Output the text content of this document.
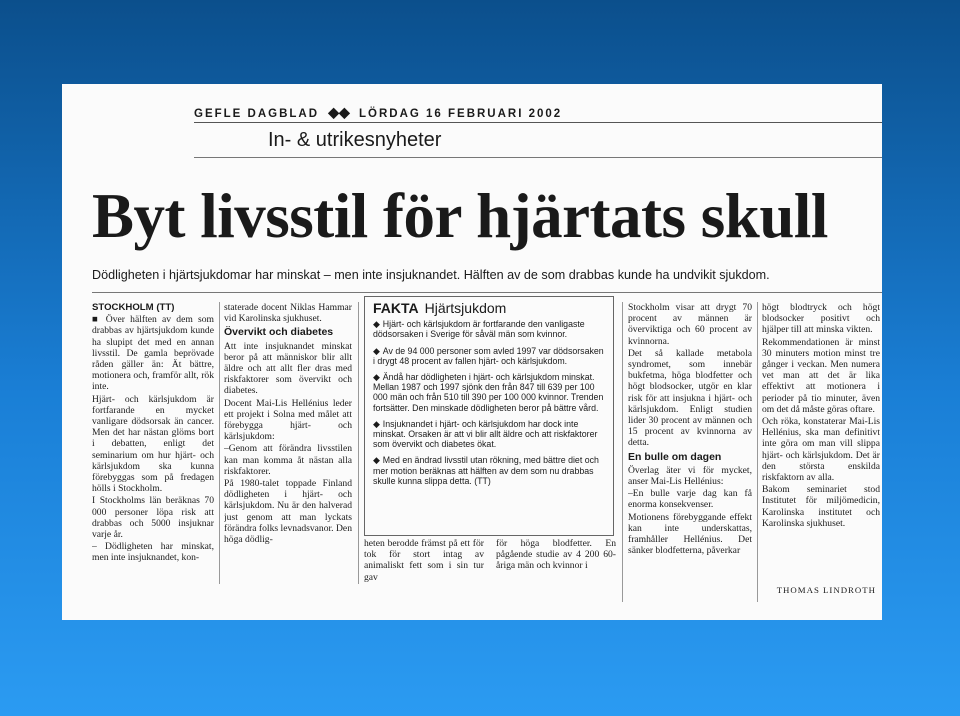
GEFLE DAGBLAD ◆◆ LÖRDAG 16 FEBRUARI 2002
In- & utrikesnyheter
Byt livsstil för hjärtats skull
Dödligheten i hjärtsjukdomar har minskat – men inte insjuknandet. Hälften av de som drabbas kunde ha undvikit sjukdom.

STOCKHOLM (TT)

■ Över hälften av dem som drabbas av hjärtsjukdom kunde ha slupipt det med en annan livsstil. De gamla beprövade råden gäller än: Ät bättre, motionera och, framför allt, rök inte.

Hjärt- och kärlsjukdom är fortfarande en mycket vanligare dödsorsak än cancer. Men det har nästan glöms bort i debatten, enligt det seminarium om hur hjärt- och kärlsjukdom ska kunna förebyggas som på fredagen hölls i Stockholm.

I Stockholms län beräknas 70 000 personer löpa risk att drabbas och 5000 insjuknar varje år.

– Dödligheten har minskat, men inte insjuknandet, kon-

staterade docent Niklas Hammar vid Karolinska sjukhuset.

Övervikt och diabetes

Att inte insjuknandet minskat beror på att människor blir allt äldre och att allt fler dras med riskfaktorer som övervikt och diabetes.

Docent Mai-Lis Hellénius leder ett projekt i Solna med målet att förebygga hjärt- och kärlsjukdom:

–Genom att förändra livsstilen kan man komma åt nästan alla riskfaktorer.

På 1980-talet toppade Finland dödligheten i hjärt- och kärlsjukdom. Nu är den halverad just genom att man lyckats förändra folks levnadsvanor. Den höga dödlig-

FAKTA Hjärtsjukdom

◆ Hjärt- och kärlsjukdom är fortfarande den vanligaste dödsorsaken i Sverige för såväl män som kvinnor.

◆ Av de 94 000 personer som avled 1997 var dödsorsaken i drygt 48 procent av fallen hjärt- och kärlsjukdom.

◆ Ändå har dödligheten i hjärt- och kärlsjukdom minskat. Mellan 1987 och 1997 sjönk den från 847 till 639 per 100 000 män och från 510 till 390 per 100 000 kvinnor. Trenden fortsätter. Den minskade dödligheten beror på bättre vård.

◆ Insjuknandet i hjärt- och kärlsjukdom har dock inte minskat. Orsaken är att vi blir allt äldre och att riskfaktorer som övervikt och diabetes ökat.

◆ Med en ändrad livsstil utan rökning, med bättre diet och mer motion beräknas att hälften av dem som nu drabbas skulle kunna slippa detta. (TT)

heten berodde främst på ett för tok för stort intag av animaliskt fett som i sin tur gav

för höga blodfetter. En pågående studie av 4 200 60-åriga män och kvinnor i

Stockholm visar att drygt 70 procent av männen är överviktiga och 60 procent av kvinnorna.

Det så kallade metabola syndromet, som innebär bukfetma, höga blodfetter och högt blodsocker, utgör en klar risk för att insjukna i hjärt- och kärlsjukdom. Enligt studien lider 30 procent av männen och 15 procent av kvinnorna av detta.

En bulle om dagen

Överlag äter vi för mycket, anser Mai-Lis Hellénius:

–En bulle varje dag kan få enorma konsekvenser.

Motionens förebyggande effekt kan inte underskattas, framhåller Hellénius. Det sänker blodfetterna, påverkar

högt blodtryck och högt blodsocker positivt och hjälper till att minska vikten.

Rekommendationen är minst 30 minuters motion minst tre gånger i veckan. Men numera vet man att det är lika effektivt att motionera i perioder på tio minuter, även om det då måste göras oftare.

Och röka, konstaterar Mai-Lis Hellénius, ska man definitivt inte göra om man vill slippa hjärt- och kärlsjukdom. Det är den största enskilda riskfaktorn av alla.

Bakom seminariet stod Institutet för miljömedicin, Karolinska institutet och Karolinska sjukhuset.

THOMAS LINDROTH
